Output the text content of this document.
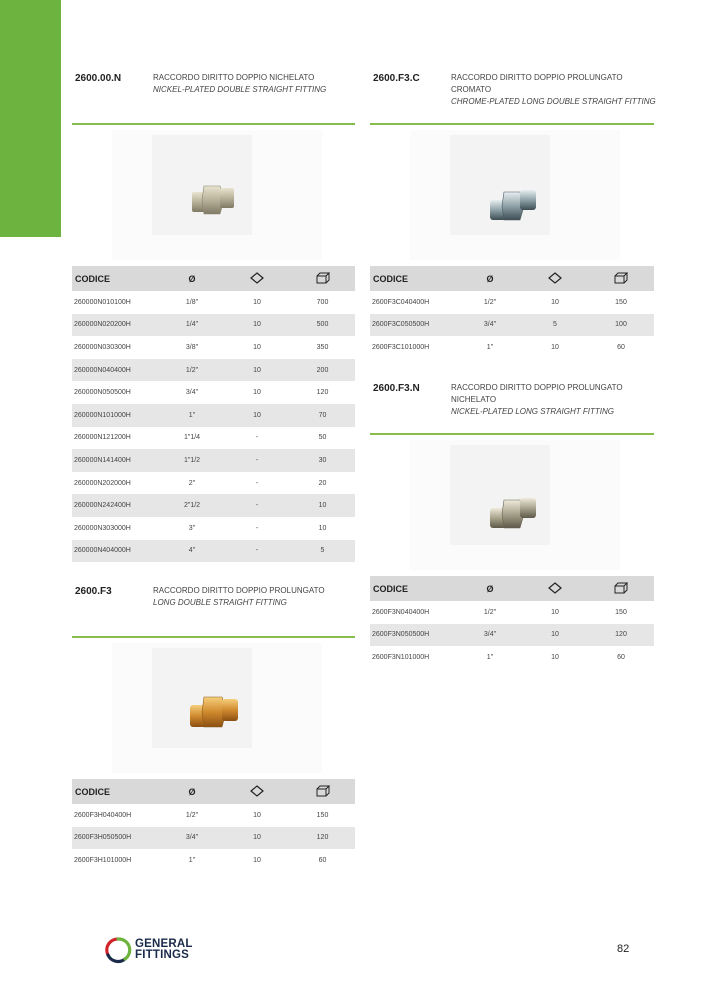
2600.00.N	RACCORDO DIRITTO DOPPIO NICHELATO
NICKEL-PLATED DOUBLE STRAIGHT FITTING
CODICE	Ø		
260000N010100H	1/8"	10	700
260000N020200H	1/4"	10	500
260000N030300H	3/8"	10	350
260000N040400H	1/2"	10	200
260000N050500H	3/4"	10	120
260000N101000H	1"	10	70
260000N121200H	1"1/4	-	50
260000N141400H	1"1/2	-	30
260000N202000H	2"	-	20
260000N242400H	2"1/2	-	10
260000N303000H	3"	-	10
260000N404000H	4"	-	5
2600.F3.C	RACCORDO DIRITTO DOPPIO PROLUNGATO CROMATO
CHROME-PLATED LONG DOUBLE STRAIGHT FITTING
CODICE	Ø		
2600F3C040400H	1/2"	10	150
2600F3C050500H	3/4"	5	100
2600F3C101000H	1"	10	60
2600.F3.N	RACCORDO DIRITTO DOPPIO PROLUNGATO NICHELATO
NICKEL-PLATED LONG STRAIGHT FITTING
CODICE	Ø		
2600F3N040400H	1/2"	10	150
2600F3N050500H	3/4"	10	120
2600F3N101000H	1"	10	60
2600.F3	RACCORDO DIRITTO DOPPIO PROLUNGATO
LONG DOUBLE STRAIGHT FITTING
CODICE	Ø		
2600F3H040400H	1/2"	10	150
2600F3H050500H	3/4"	10	120
2600F3H101000H	1"	10	60
GENERAL
FITTINGS	82
